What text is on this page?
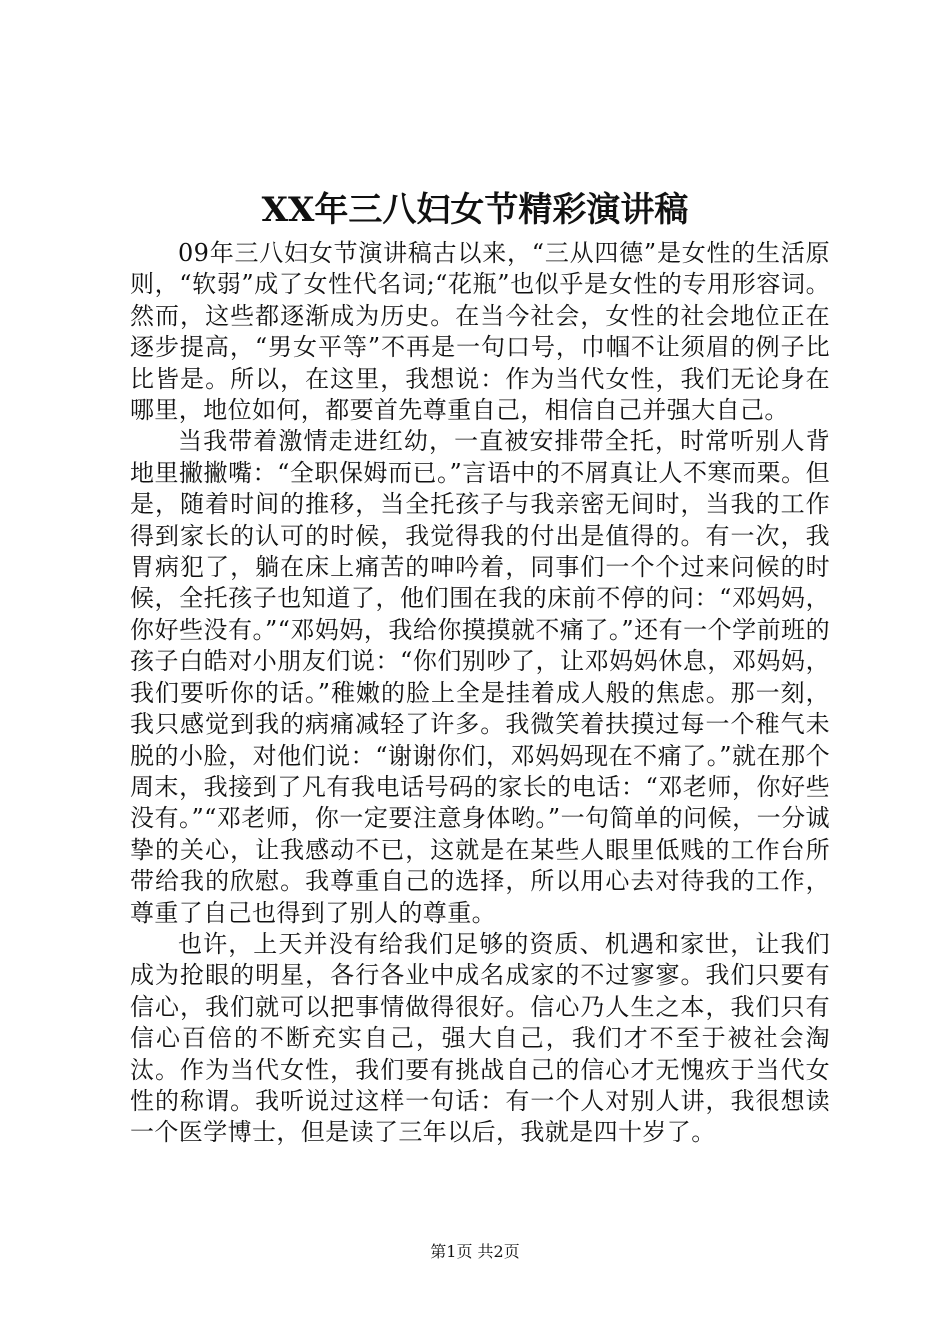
XX年三八妇女节精彩演讲稿

09年三八妇女节演讲稿古以来，“三从四德”是女性的生活原则，“软弱”成了女性代名词;“花瓶”也似乎是女性的专用形容词。然而，这些都逐渐成为历史。在当今社会，女性的社会地位正在逐步提高，“男女平等”不再是一句口号，巾帼不让须眉的例子比比皆是。所以，在这里，我想说：作为当代女性，我们无论身在哪里，地位如何，都要首先尊重自己，相信自己并强大自己。

当我带着激情走进红幼，一直被安排带全托，时常听别人背地里撇撇嘴：“全职保姆而已。”言语中的不屑真让人不寒而栗。但是，随着时间的推移，当全托孩子与我亲密无间时，当我的工作得到家长的认可的时候，我觉得我的付出是值得的。有一次，我胃病犯了，躺在床上痛苦的呻吟着，同事们一个个过来问候的时候，全托孩子也知道了，他们围在我的床前不停的问：“邓妈妈，你好些没有。”“邓妈妈，我给你摸摸就不痛了。”还有一个学前班的孩子白皓对小朋友们说：“你们别吵了，让邓妈妈休息，邓妈妈，我们要听你的话。”稚嫩的脸上全是挂着成人般的焦虑。那一刻，我只感觉到我的病痛减轻了许多。我微笑着扶摸过每一个稚气未脱的小脸，对他们说：“谢谢你们，邓妈妈现在不痛了。”就在那个周末，我接到了凡有我电话号码的家长的电话：“邓老师，你好些没有。”“邓老师，你一定要注意身体哟。”一句简单的问候，一分诚挚的关心，让我感动不已，这就是在某些人眼里低贱的工作台所带给我的欣慰。我尊重自己的选择，所以用心去对待我的工作，尊重了自己也得到了别人的尊重。

也许，上天并没有给我们足够的资质、机遇和家世，让我们成为抢眼的明星，各行各业中成名成家的不过寥寥。我们只要有信心，我们就可以把事情做得很好。信心乃人生之本，我们只有信心百倍的不断充实自己，强大自己，我们才不至于被社会淘汰。作为当代女性，我们要有挑战自己的信心才无愧疚于当代女性的称谓。我听说过这样一句话：有一个人对别人讲，我很想读一个医学博士，但是读了三年以后，我就是四十岁了。

第1页 共2页
